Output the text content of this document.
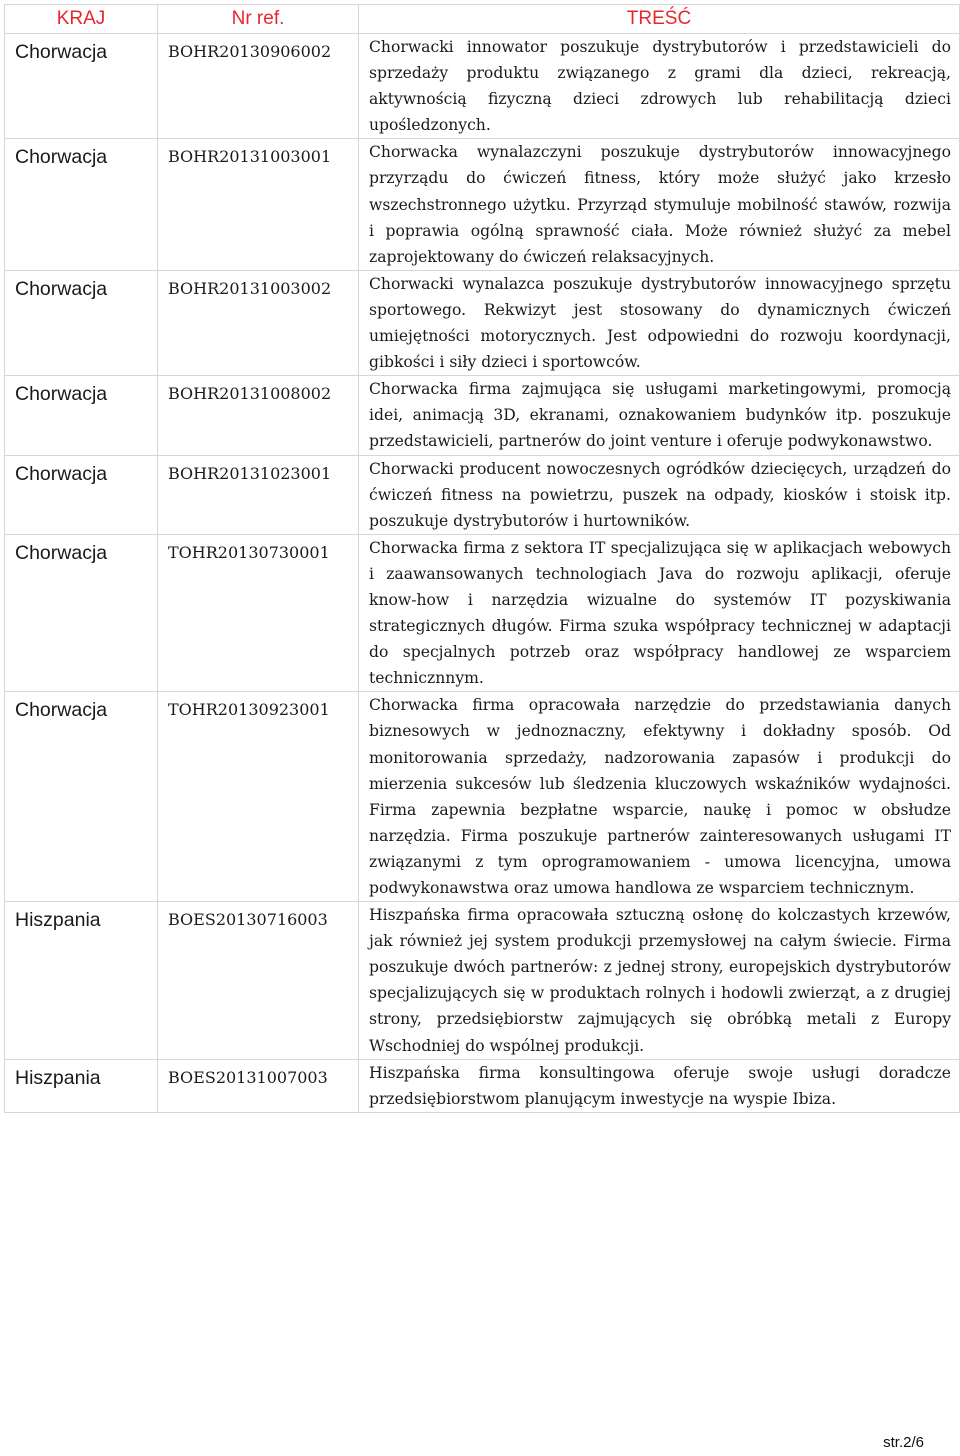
KRAJ	Nr ref.	TREŚĆ
Chorwacja	BOHR20130906002	Chorwacki innowator poszukuje dystrybutorów i przedstawicieli do sprzedaży produktu związanego z grami dla dzieci, rekreacją, aktywnością fizyczną dzieci zdrowych lub rehabilitacją dzieci upośledzonych.

Chorwacja	BOHR20131003001	Chorwacka wynalazczyni poszukuje dystrybutorów innowacyjnego przyrządu do ćwiczeń fitness, który może służyć jako krzesło wszechstronnego użytku. Przyrząd stymuluje mobilność stawów, rozwija i poprawia ogólną sprawność ciała. Może również służyć za mebel zaprojektowany do ćwiczeń relaksacyjnych.

Chorwacja	BOHR20131003002	Chorwacki wynalazca poszukuje dystrybutorów innowacyjnego sprzętu sportowego. Rekwizyt jest stosowany do dynamicznych ćwiczeń umiejętności motorycznych. Jest odpowiedni do rozwoju koordynacji, gibkości i siły dzieci i sportowców.

Chorwacja	BOHR20131008002	Chorwacka firma zajmująca się usługami marketingowymi, promocją idei, animacją 3D, ekranami, oznakowaniem budynków itp. poszukuje przedstawicieli, partnerów do joint venture i oferuje podwykonawstwo.

Chorwacja	BOHR20131023001	Chorwacki producent nowoczesnych ogródków dziecięcych, urządzeń do ćwiczeń fitness na powietrzu, puszek na odpady, kiosków i stoisk itp. poszukuje dystrybutorów i hurtowników.

Chorwacja	TOHR20130730001	Chorwacka firma z sektora IT specjalizująca się w aplikacjach webowych i zaawansowanych technologiach Java do rozwoju aplikacji, oferuje know-how i narzędzia wizualne do systemów IT pozyskiwania strategicznych długów. Firma szuka współpracy technicznej w adaptacji do specjalnych potrzeb oraz współpracy handlowej ze wsparciem technicznnym.

Chorwacja	TOHR20130923001	Chorwacka firma opracowała narzędzie do przedstawiania danych biznesowych w jednoznaczny, efektywny i dokładny sposób. Od monitorowania sprzedaży, nadzorowania zapasów i produkcji do mierzenia sukcesów lub śledzenia kluczowych wskaźników wydajności. Firma zapewnia bezpłatne wsparcie, naukę i pomoc w obsłudze narzędzia. Firma poszukuje partnerów zainteresowanych usługami IT związanymi z tym oprogramowaniem - umowa licencyjna, umowa podwykonawstwa oraz umowa handlowa ze wsparciem technicznym.

Hiszpania	BOES20130716003	Hiszpańska firma opracowała sztuczną osłonę do kolczastych krzewów, jak również jej system produkcji przemysłowej na całym świecie. Firma poszukuje dwóch partnerów: z jednej strony, europejskich dystrybutorów specjalizujących się w produktach rolnych i hodowli zwierząt, a z drugiej strony, przedsiębiorstw zajmujących się obróbką metali z Europy Wschodniej do wspólnej produkcji.

Hiszpania	BOES20131007003	Hiszpańska firma konsultingowa oferuje swoje usługi doradcze przedsiębiorstwom planującym inwestycje na wyspie Ibiza.

str.2/6
